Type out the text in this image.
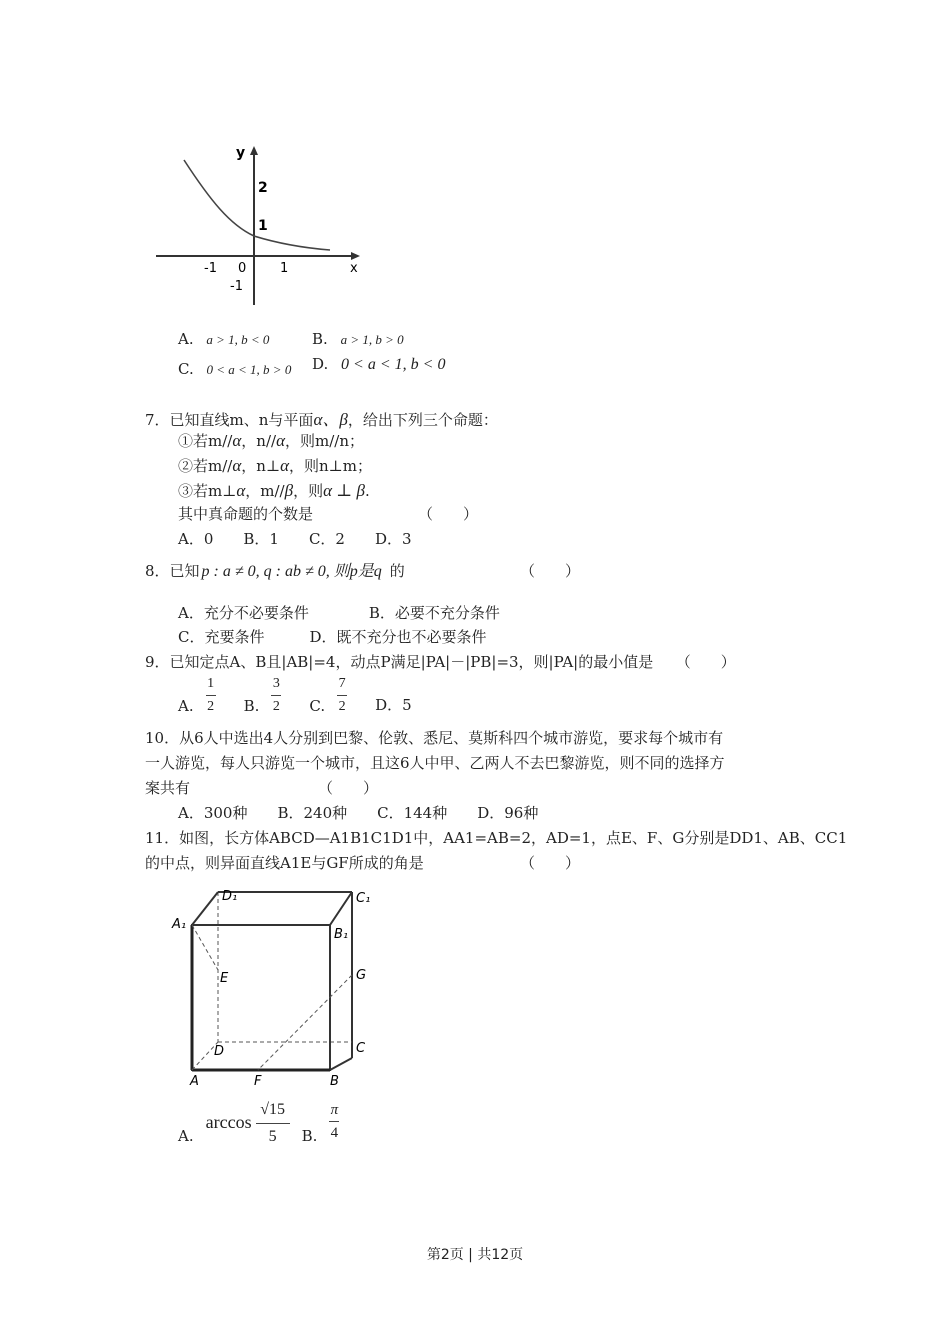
y
x
2
1
-1 0	1
-1
A. a > 1, b < 0	B. a > 1, b > 0
C. 0 < a < 1, b > 0 D. 0 < a < 1, b < 0
7．已知直线m、n与平面α、β，给出下列三个命题：
①若m//α，n//α，则m//n；
②若m//α，n⊥α，则n⊥m；
③若m⊥α，m//β，则α ⊥ β.
其中真命题的个数是	（　　）
A．0　　B．1　　C．2　　D．3
8．已知 p : a ≠ 0, q : ab ≠ 0, 则p是q 的	（　　）
A．充分不必要条件　　　　B．必要不充分条件
C．充要条件　　　D．既不充分也不必要条件
9．已知定点A、B且|AB|=4，动点P满足|PA|－|PB|=3，则|PA|的最小值是　　（　　）
A. $\frac{1}{2} B$. $\frac{3}{2} C$. $\frac{7}{2}$ D．5
10．从6人中选出4人分别到巴黎、伦敦、悉尼、莫斯科四个城市游览，要求每个城市有
一人游览，每人只游览一个城市，且这6人中甲、乙两人不去巴黎游览，则不同的选择方
案共有	（　　）
A．300种　　B．240种　　C．144种　　D．96种
11．如图，长方体ABCD—A1B1C1D1中，AA1=AB=2，AD=1，点E、F、G分别是DD1、AB、CC1
的中点，则异面直线A1E与GF所成的角是	（　　）
D₁
A₁
C₁
B₁
E	G
D	C
A	F	B
A.
$\arccos \frac{√15}{5} B$. $\frac{\pi}{4}$
第2页 | 共12页
